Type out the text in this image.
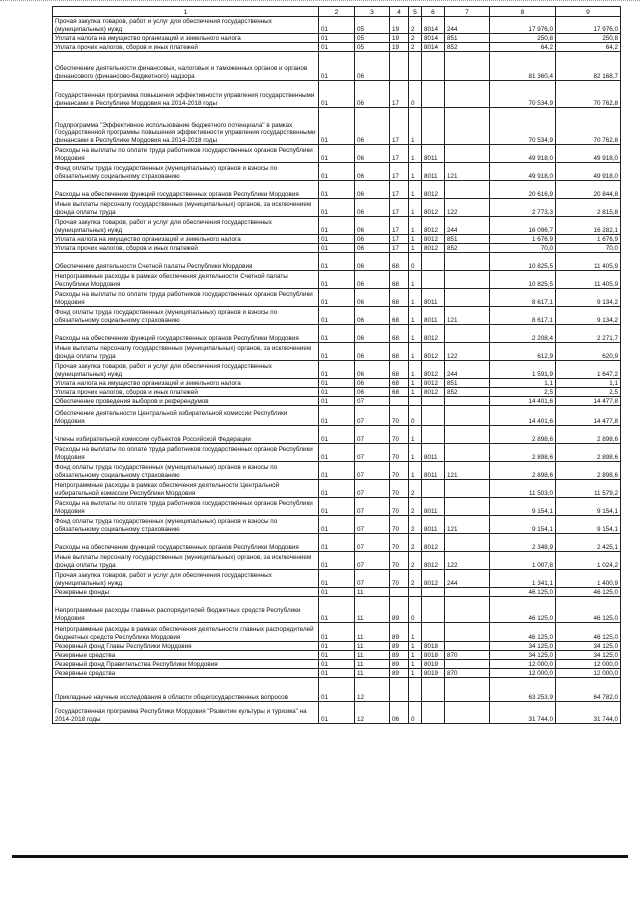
1	2	3	4	5	6	7	8	9
Прочая закупка товаров, работ и услуг для обеспечения государственных (муниципальных) нужд	01	05	19	2	8014	244	17 976,0	17 976,0
Уплата налога на имущество организаций и земельного налога	01	05	19	2	8014	851	250,8	250,8
Уплата прочих налогов, сборов и иных платежей	01	05	19	2	8014	852	64,2	64,2
Обеспечение деятельности финансовых, налоговых и таможенных органов и органов финансового (финансово-бюджетного) надзора	01	06					81 360,4	82 168,7
Государственная программа повышения эффективности управления государственными финансами в Республике Мордовия на 2014-2018 годы	01	06	17	0			70 534,9	70 762,8
Подпрограмма "Эффективное использование бюджетного потенциала" в рамках Государственной программы повышения эффективности управления государственными финансами в Республике Мордовия на 2014-2018 годы	01	06	17	1			70 534,9	70 762,8
Расходы на выплаты по оплате труда работников государственных органов Республики Мордовия	01	06	17	1	8011		49 918,0	49 918,0
Фонд оплаты труда государственных (муниципальных) органов и взносы по обязательному социальному страхованию	01	06	17	1	8011	121	49 918,0	49 918,0
Расходы на обеспечение функций государственных органов Республики Мордовия	01	06	17	1	8012		20 616,9	20 844,8
Иные выплаты персоналу государственных (муниципальных) органов, за исключением фонда оплаты труда	01	06	17	1	8012	122	2 773,3	2 815,8
Прочая закупка товаров, работ и услуг для обеспечения государственных (муниципальных) нужд	01	06	17	1	8012	244	16 096,7	16 282,1
Уплата налога на имущество организаций и земельного налога	01	06	17	1	8012	851	1 676,9	1 676,9
Уплата прочих налогов, сборов и иных платежей	01	06	17	1	8012	852	70,0	70,0
Обеспечение деятельности Счетной палаты Республики Мордовия	01	06	68	0			10 825,5	11 405,9
Непрограммные расходы в рамках обеспечения деятельности Счетной палаты Республики Мордовия	01	06	68	1			10 825,5	11 405,9
Расходы на выплаты по оплате труда работников государственных органов Республики Мордовия	01	06	68	1	8011		8 617,1	9 134,2
Фонд оплаты труда государственных (муниципальных) органов и взносы по обязательному социальному страхованию	01	06	68	1	8011	121	8 617,1	9 134,2
Расходы на обеспечение функций государственных органов Республики Мордовия	01	06	68	1	8012		2 208,4	2 271,7
Иные выплаты персоналу государственных (муниципальных) органов, за исключением фонда оплаты труда	01	06	68	1	8012	122	612,9	620,9
Прочая закупка товаров, работ и услуг для обеспечения государственных (муниципальных) нужд	01	06	68	1	8012	244	1 591,9	1 647,2
Уплата налога на имущество организаций и земельного налога	01	06	68	1	8012	851	1,1	1,1
Уплата прочих налогов, сборов и иных платежей	01	06	68	1	8012	852	2,5	2,5
Обеспечение проведения выборов и референдумов	01	07					14 401,6	14 477,8
Обеспечение деятельности Центральной избирательной комиссии Республики Мордовия	01	07	70	0			14 401,6	14 477,8
Члены избирательной комиссии субъектов Российской Федерации	01	07	70	1			2 898,6	2 898,6
Расходы на выплаты по оплате труда работников государственных органов Республики Мордовия	01	07	70	1	8011		2 898,6	2 898,6
Фонд оплаты труда государственных (муниципальных) органов и взносы по обязательному социальному страхованию	01	07	70	1	8011	121	2 898,6	2 898,6
Непрограммные расходы в рамках обеспечения деятельности Центральной избирательной комиссии Республики Мордовия	01	07	70	2			11 503,0	11 579,2
Расходы на выплаты по оплате труда работников государственных органов Республики Мордовия	01	07	70	2	8011		9 154,1	9 154,1
Фонд оплаты труда государственных (муниципальных) органов и взносы по обязательному социальному страхованию	01	07	70	2	8011	121	9 154,1	9 154,1
Расходы на обеспечение функций государственных органов Республики Мордовия	01	07	70	2	8012		2 348,9	2 425,1
Иные выплаты персоналу государственных (муниципальных) органов, за исключением фонда оплаты труда	01	07	70	2	8012	122	1 007,8	1 024,2
Прочая закупка товаров, работ и услуг для обеспечения государственных (муниципальных) нужд	01	07	70	2	8012	244	1 341,1	1 400,9
Резервные фонды	01	11					46 125,0	46 125,0
Непрограммные расходы главных распорядителей бюджетных средств Республики Мордовия	01	11	89	0			46 125,0	46 125,0
Непрограммные расходы в рамках обеспечения деятельности главных распорядителей бюджетных средств Республики Мордовия	01	11	89	1			46 125,0	46 125,0
Резервный фонд Главы Республики Мордовия	01	11	89	1	8018		34 125,0	34 125,0
Резервные средства	01	11	89	1	8018	870	34 125,0	34 125,0
Резервный фонд Правительства Республики Мордовия	01	11	89	1	8019		12 000,0	12 000,0
Резервные средства	01	11	89	1	8019	870	12 000,0	12 000,0
Прикладные научные исследования в области общегосударственных вопросов	01	12					63 253,9	64 782,0
Государственная программа Республики Мордовия "Развитие культуры и туризма" на 2014-2018 годы	01	12	06	0			31 744,0	31 744,0
